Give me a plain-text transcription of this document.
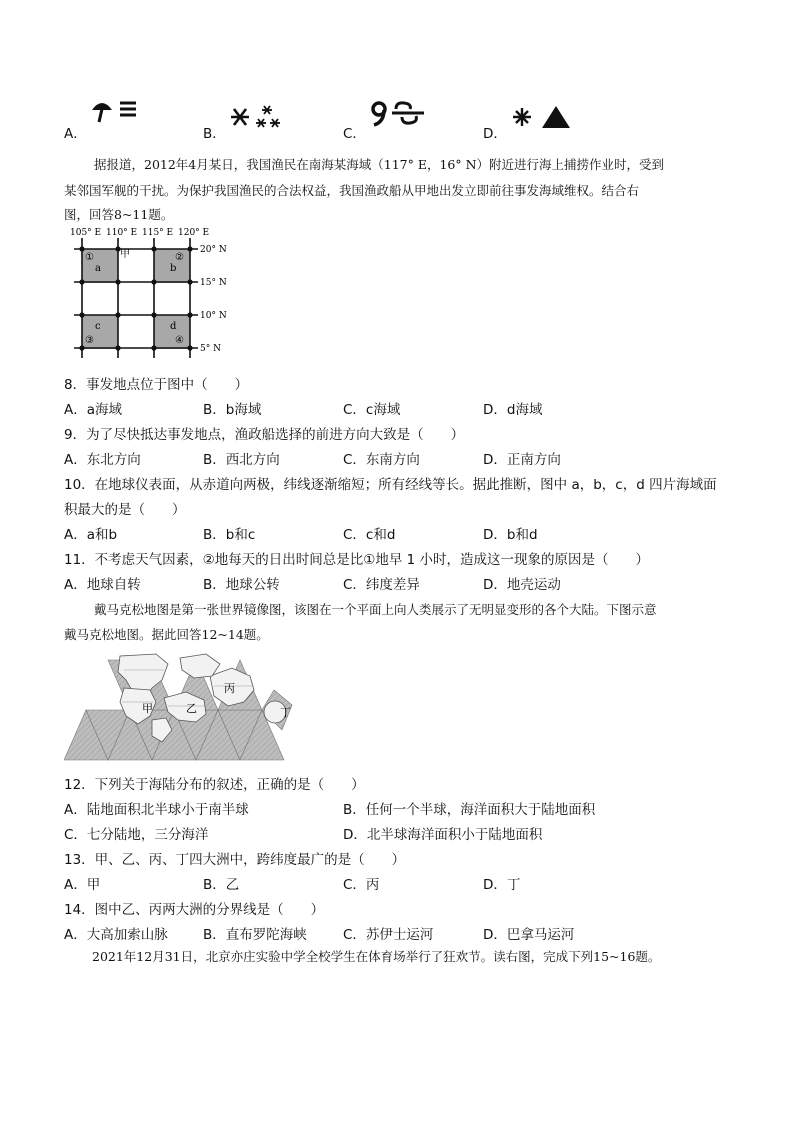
A．	B．	C．	D．
据报道，2012年4月某日，我国渔民在南海某海域（117° E，16° N）附近进行海上捕捞作业时，受到
某邻国军舰的干扰。为保护我国渔民的合法权益，我国渔政船从甲地出发立即前往事发海域维权。结合右
图，回答8~11题。
105° E 110° E 115° E 120° E
①
a
甲	②
b
c
③
d
④
20° N
15° N
10° N
5° N
8．事发地点位于图中（　　）
A．a海域	B．b海域	C．c海域	D．d海域
9．为了尽快抵达事发地点，渔政船选择的前进方向大致是（　　）
A．东北方向	B．西北方向	C．东南方向	D．正南方向
10．在地球仪表面，从赤道向两极，纬线逐渐缩短；所有经线等长。据此推断，图中 a，b，c，d 四片海域面
积最大的是（　　）
A．a和b	B．b和c	C．c和d	D．b和d
11．不考虑天气因素，②地每天的日出时间总是比①地早 1 小时，造成这一现象的原因是（　　）
A．地球自转	B．地球公转	C．纬度差异	D．地壳运动
戴马克松地图是第一张世界镜像图，该图在一个平面上向人类展示了无明显变形的各个大陆。下图示意
戴马克松地图。据此回答12~14题。
甲	乙
丙
丁
12．下列关于海陆分布的叙述，正确的是（　　）
A．陆地面积北半球小于南半球	B．任何一个半球，海洋面积大于陆地面积
C．七分陆地，三分海洋	D．北半球海洋面积小于陆地面积
13．甲、乙、丙、丁四大洲中，跨纬度最广的是（　　）
A．甲	B．乙	C．丙	D．丁
14．图中乙、丙两大洲的分界线是（　　）
A．大高加索山脉	B．直布罗陀海峡	C．苏伊士运河	D．巴拿马运河
2021年12月31日，北京亦庄实验中学全校学生在体育场举行了狂欢节。读右图，完成下列15~16题。
